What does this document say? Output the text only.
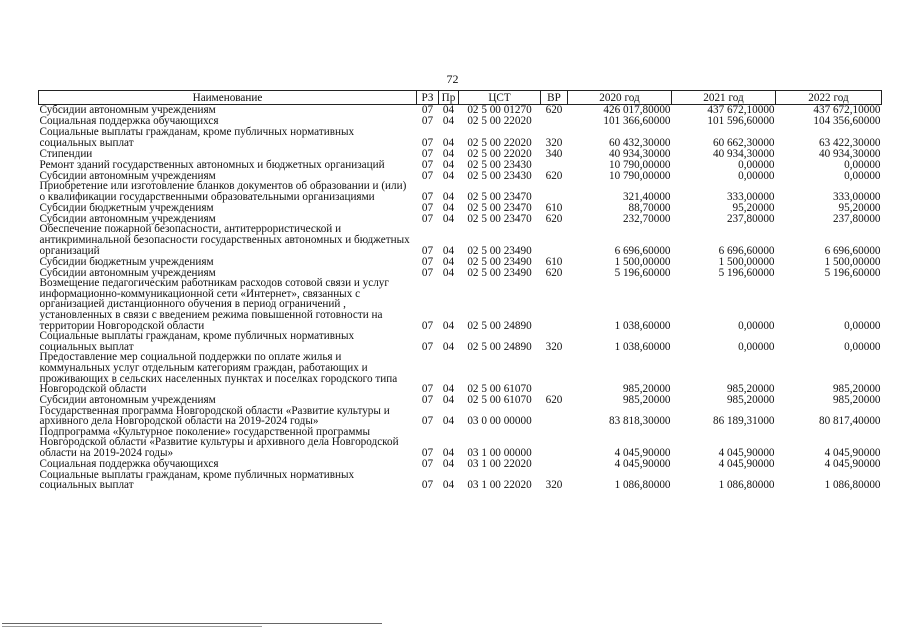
72
Наименование	РЗ	Пр	ЦСТ	ВР	2020 год	2021 год	2022 год
Субсидии автономным учреждениям	07	04	02 5 00 01270	620	426 017,80000	437 672,10000	437 672,10000
Социальная поддержка обучающихся	07	04	02 5 00 22020		101 366,60000	101 596,60000	104 356,60000
Социальные выплаты гражданам, кроме публичных нормативных социальных выплат	07	04	02 5 00 22020	320	60 432,30000	60 662,30000	63 422,30000
Стипендии	07	04	02 5 00 22020	340	40 934,30000	40 934,30000	40 934,30000
Ремонт зданий государственных автономных и бюджетных организаций	07	04	02 5 00 23430		10 790,00000	0,00000	0,00000
Субсидии автономным учреждениям	07	04	02 5 00 23430	620	10 790,00000	0,00000	0,00000
Приобретение или изготовление бланков документов об образовании и (или) о квалификации государственными образовательными организациями	07	04	02 5 00 23470		321,40000	333,00000	333,00000
Субсидии бюджетным учреждениям	07	04	02 5 00 23470	610	88,70000	95,20000	95,20000
Субсидии автономным учреждениям	07	04	02 5 00 23470	620	232,70000	237,80000	237,80000
Обеспечение пожарной безопасности, антитеррористической и антикриминальной безопасности государственных автономных и бюджетных организаций	07	04	02 5 00 23490		6 696,60000	6 696,60000	6 696,60000
Субсидии бюджетным учреждениям	07	04	02 5 00 23490	610	1 500,00000	1 500,00000	1 500,00000
Субсидии автономным учреждениям	07	04	02 5 00 23490	620	5 196,60000	5 196,60000	5 196,60000
Возмещение педагогическим работникам расходов сотовой связи и услуг информационно-коммуникационной сети «Интернет», связанных с организацией дистанционного обучения в период ограничений , установленных в связи с введением режима повышенной готовности на территории Новгородской области	07	04	02 5 00 24890		1 038,60000	0,00000	0,00000
Социальные выплаты гражданам, кроме публичных нормативных социальных выплат	07	04	02 5 00 24890	320	1 038,60000	0,00000	0,00000
Предоставление мер социальной поддержки по оплате жилья и коммунальных услуг отдельным категориям граждан, работающих и проживающих в сельских населенных пунктах и поселках городского типа Новгородской области	07	04	02 5 00 61070		985,20000	985,20000	985,20000
Субсидии автономным учреждениям	07	04	02 5 00 61070	620	985,20000	985,20000	985,20000
Государственная программа Новгородской области «Развитие культуры и архивного дела Новгородской области на 2019-2024 годы»	07	04	03 0 00 00000		83 818,30000	86 189,31000	80 817,40000
Подпрограмма «Культурное поколение» государственной программы Новгородской области «Развитие культуры и архивного дела Новгородской области на 2019-2024 годы»	07	04	03 1 00 00000		4 045,90000	4 045,90000	4 045,90000
Социальная поддержка обучающихся	07	04	03 1 00 22020		4 045,90000	4 045,90000	4 045,90000
Социальные выплаты гражданам, кроме публичных нормативных социальных выплат	07	04	03 1 00 22020	320	1 086,80000	1 086,80000	1 086,80000
